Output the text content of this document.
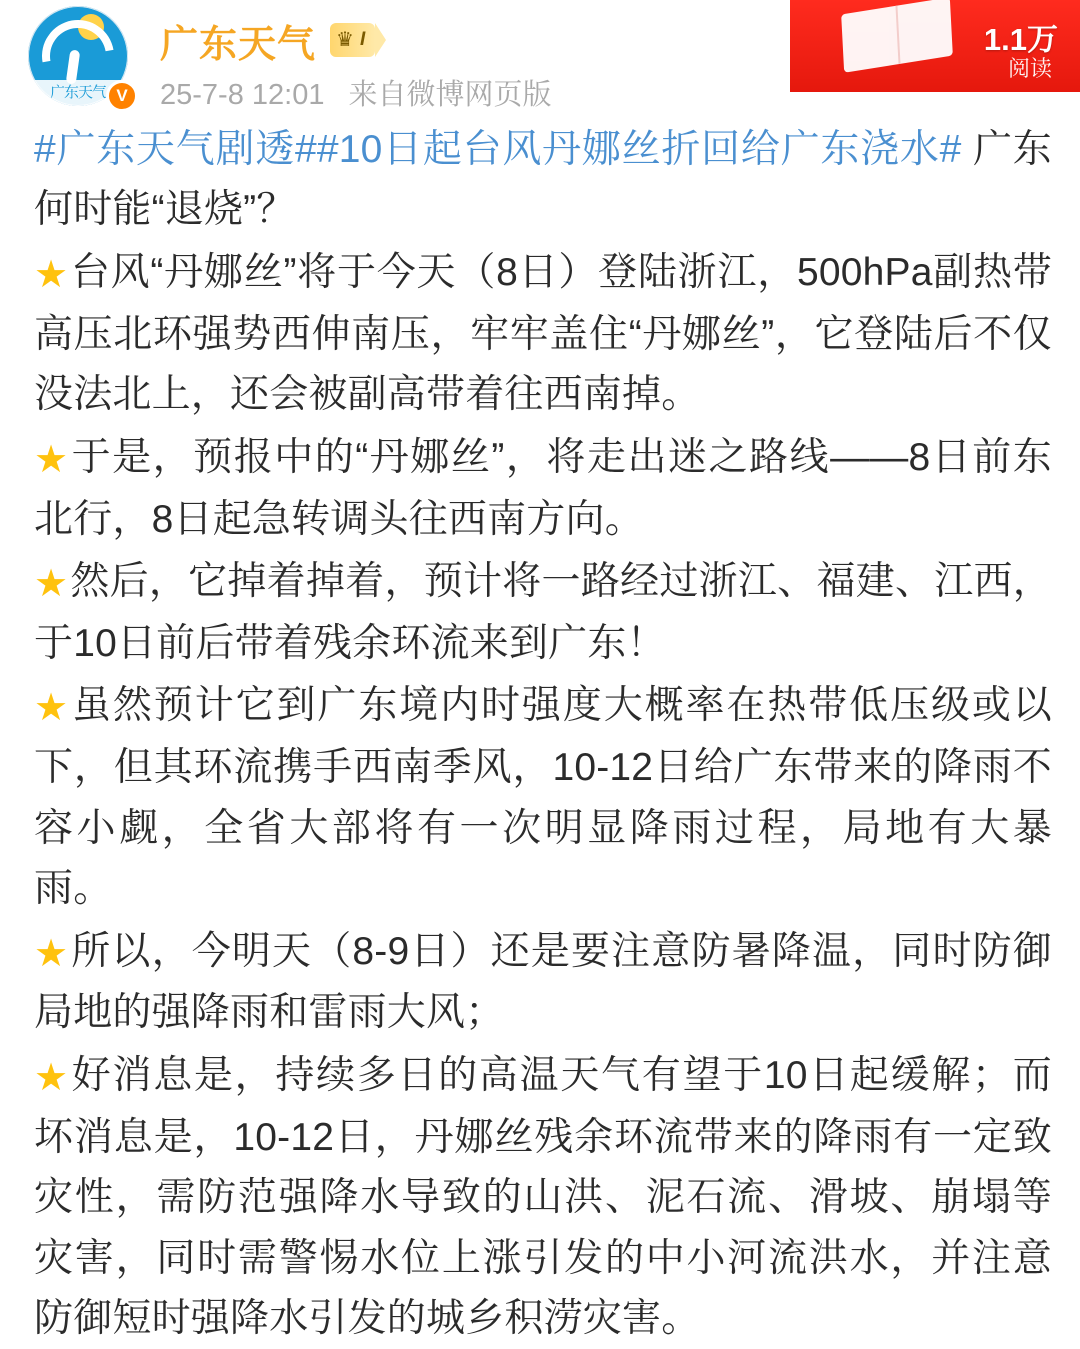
广东天气 V
广东天气 ♛ I
25-7-8 12:01 来自微博网页版
1.1万
阅读

#广东天气剧透##10日起台风丹娜丝折回给广东浇水# 广东何时能“退烧”？

★台风“丹娜丝”将于今天（8日）登陆浙江，500hPa副热带高压北环强势西伸南压，牢牢盖住“丹娜丝”，它登陆后不仅没法北上，还会被副高带着往西南掉。

★于是，预报中的“丹娜丝”，将走出迷之路线——8日前东北行，8日起急转调头往西南方向。

★然后，它掉着掉着，预计将一路经过浙江、福建、江西，于10日前后带着残余环流来到广东！

★虽然预计它到广东境内时强度大概率在热带低压级或以下，但其环流携手西南季风，10-12日给广东带来的降雨不容小觑，全省大部将有一次明显降雨过程，局地有大暴雨。

★所以，今明天（8-9日）还是要注意防暑降温，同时防御局地的强降雨和雷雨大风；

★好消息是，持续多日的高温天气有望于10日起缓解；而坏消息是，10-12日，丹娜丝残余环流带来的降雨有一定致灾性，需防范强降水导致的山洪、泥石流、滑坡、崩塌等灾害，同时需警惕水位上涨引发的中小河流洪水，并注意防御短时强降水引发的城乡积涝灾害。
